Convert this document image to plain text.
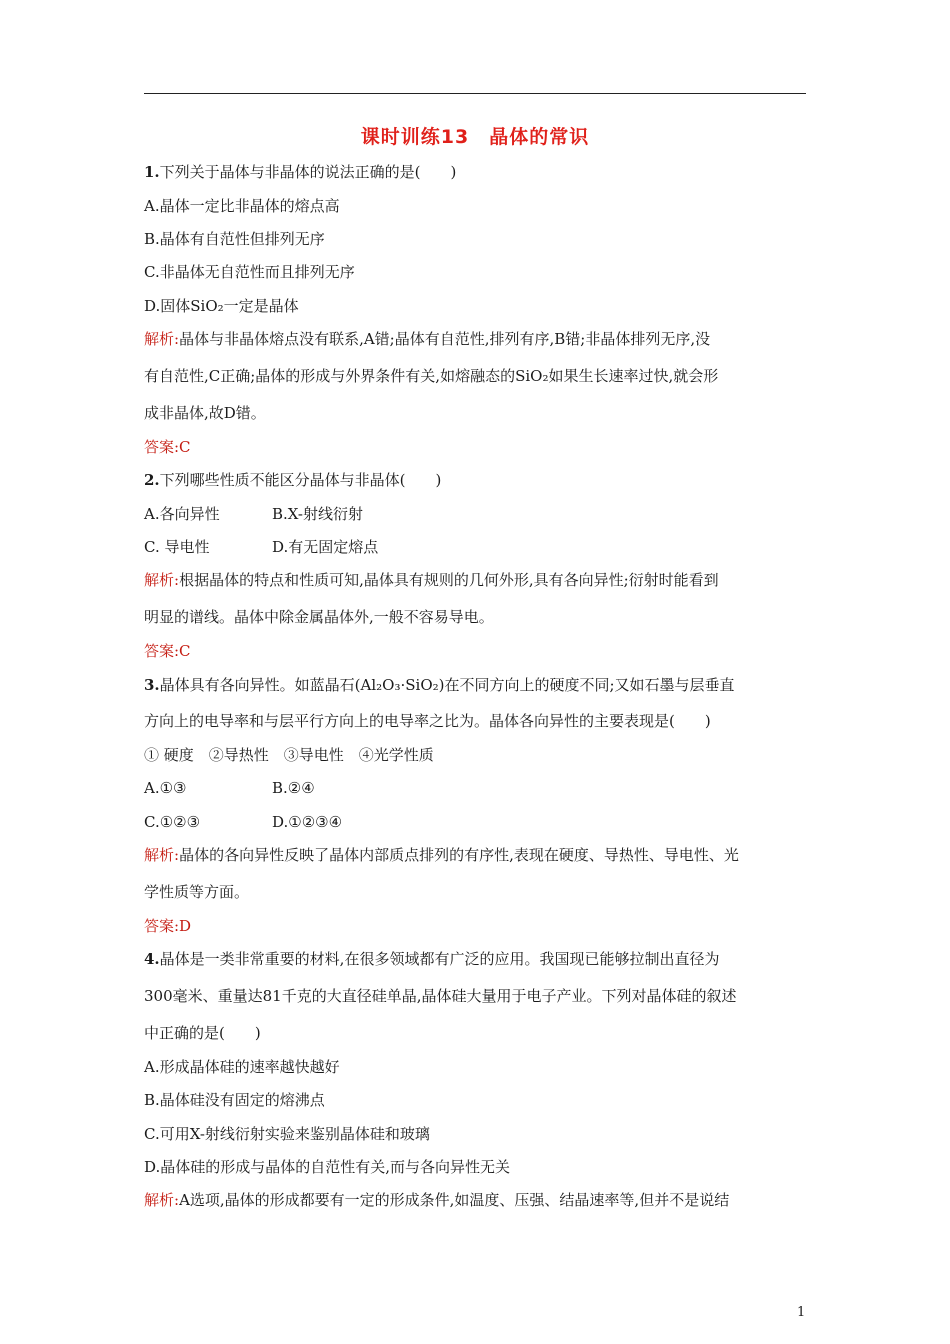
课时训练13　晶体的常识
1.下列关于晶体与非晶体的说法正确的是(　　)
A.晶体一定比非晶体的熔点高
B.晶体有自范性但排列无序
C.非晶体无自范性而且排列无序
D.固体SiO₂一定是晶体
解析:晶体与非晶体熔点没有联系,A错;晶体有自范性,排列有序,B错;非晶体排列无序,没
有自范性,C正确;晶体的形成与外界条件有关,如熔融态的SiO₂如果生长速率过快,就会形
成非晶体,故D错。
答案:C
2.下列哪些性质不能区分晶体与非晶体(　　)
A.各向异性	B.X-射线衍射
C. 导电性	D.有无固定熔点
解析:根据晶体的特点和性质可知,晶体具有规则的几何外形,具有各向异性;衍射时能看到
明显的谱线。晶体中除金属晶体外,一般不容易导电。
答案:C
3.晶体具有各向异性。如蓝晶石(Al₂O₃·SiO₂)在不同方向上的硬度不同;又如石墨与层垂直
方向上的电导率和与层平行方向上的电导率之比为。晶体各向异性的主要表现是(　　)
① 硬度　②导热性　③导电性　④光学性质
A.①③	B.②④
C.①②③	D.①②③④
解析:晶体的各向异性反映了晶体内部质点排列的有序性,表现在硬度、导热性、导电性、光
学性质等方面。
答案:D
4.晶体是一类非常重要的材料,在很多领域都有广泛的应用。我国现已能够拉制出直径为
300毫米、重量达81千克的大直径硅单晶,晶体硅大量用于电子产业。下列对晶体硅的叙述
中正确的是(　　)
A.形成晶体硅的速率越快越好
B.晶体硅没有固定的熔沸点
C.可用X-射线衍射实验来鉴别晶体硅和玻璃
D.晶体硅的形成与晶体的自范性有关,而与各向异性无关
解析:A选项,晶体的形成都要有一定的形成条件,如温度、压强、结晶速率等,但并不是说结
1
